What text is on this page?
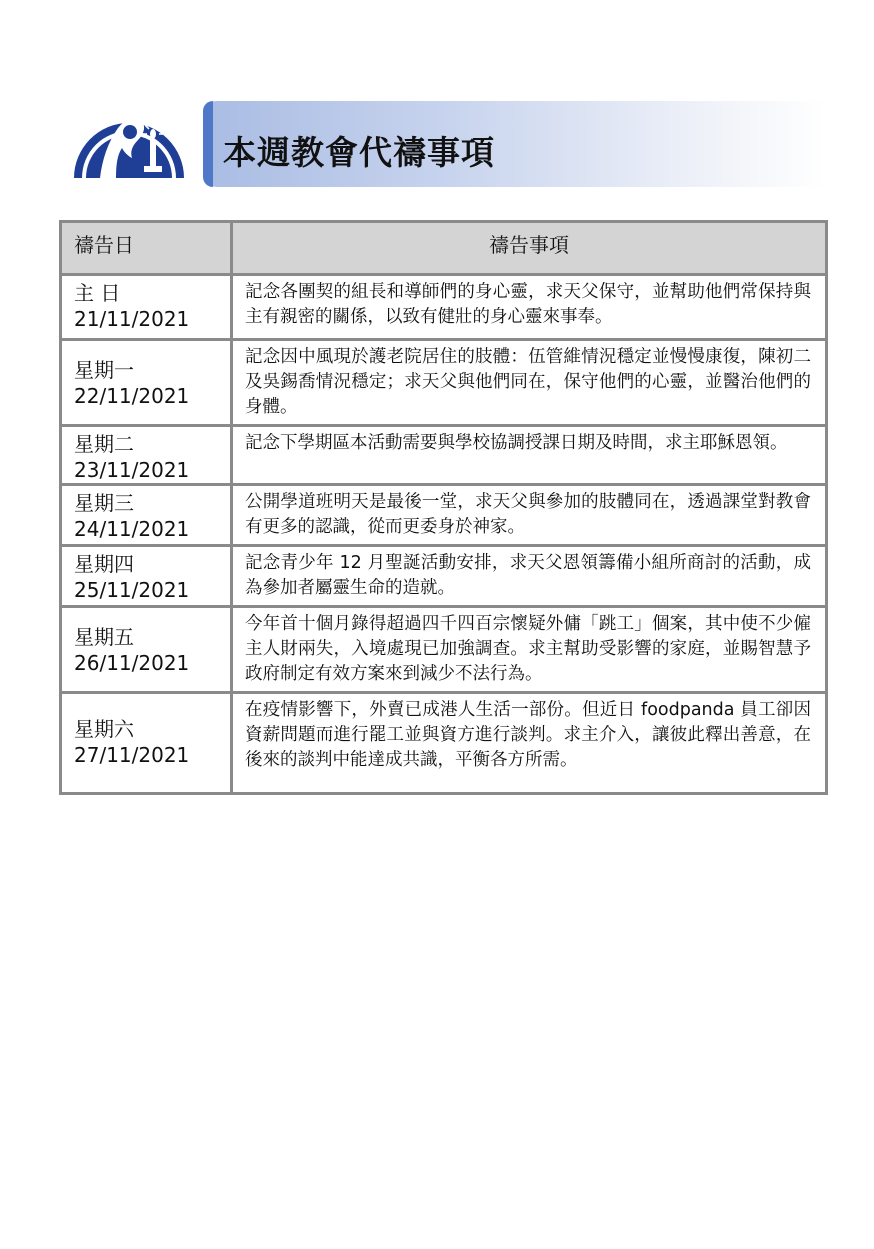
本週教會代禱事項
禱告日	禱告事項

主 日
21/11/2021	記念各團契的組長和導師們的身心靈，求天父保守，並幫助他們常保持與主有親密的關係，以致有健壯的身心靈來事奉。

星期一
22/11/2021	記念因中風現於護老院居住的肢體：伍管維情況穩定並慢慢康復，陳初二及吳錫喬情況穩定；求天父與他們同在，保守他們的心靈，並醫治他們的身體。

星期二
23/11/2021	記念下學期區本活動需要與學校協調授課日期及時間，求主耶穌恩領。

星期三
24/11/2021	公開學道班明天是最後一堂，求天父與參加的肢體同在，透過課堂對教會有更多的認識，從而更委身於神家。

星期四
25/11/2021	記念青少年 12 月聖誕活動安排，求天父恩領籌備小組所商討的活動，成為參加者屬靈生命的造就。

星期五
26/11/2021	今年首十個月錄得超過四千四百宗懷疑外傭「跳工」個案，其中使不少僱主人財兩失，入境處現已加強調查。求主幫助受影響的家庭，並賜智慧予政府制定有效方案來到減少不法行為。

星期六
27/11/2021	在疫情影響下，外賣已成港人生活一部份。但近日 foodpanda 員工卻因資薪問題而進行罷工並與資方進行談判。求主介入，讓彼此釋出善意，在後來的談判中能達成共識，平衡各方所需。
